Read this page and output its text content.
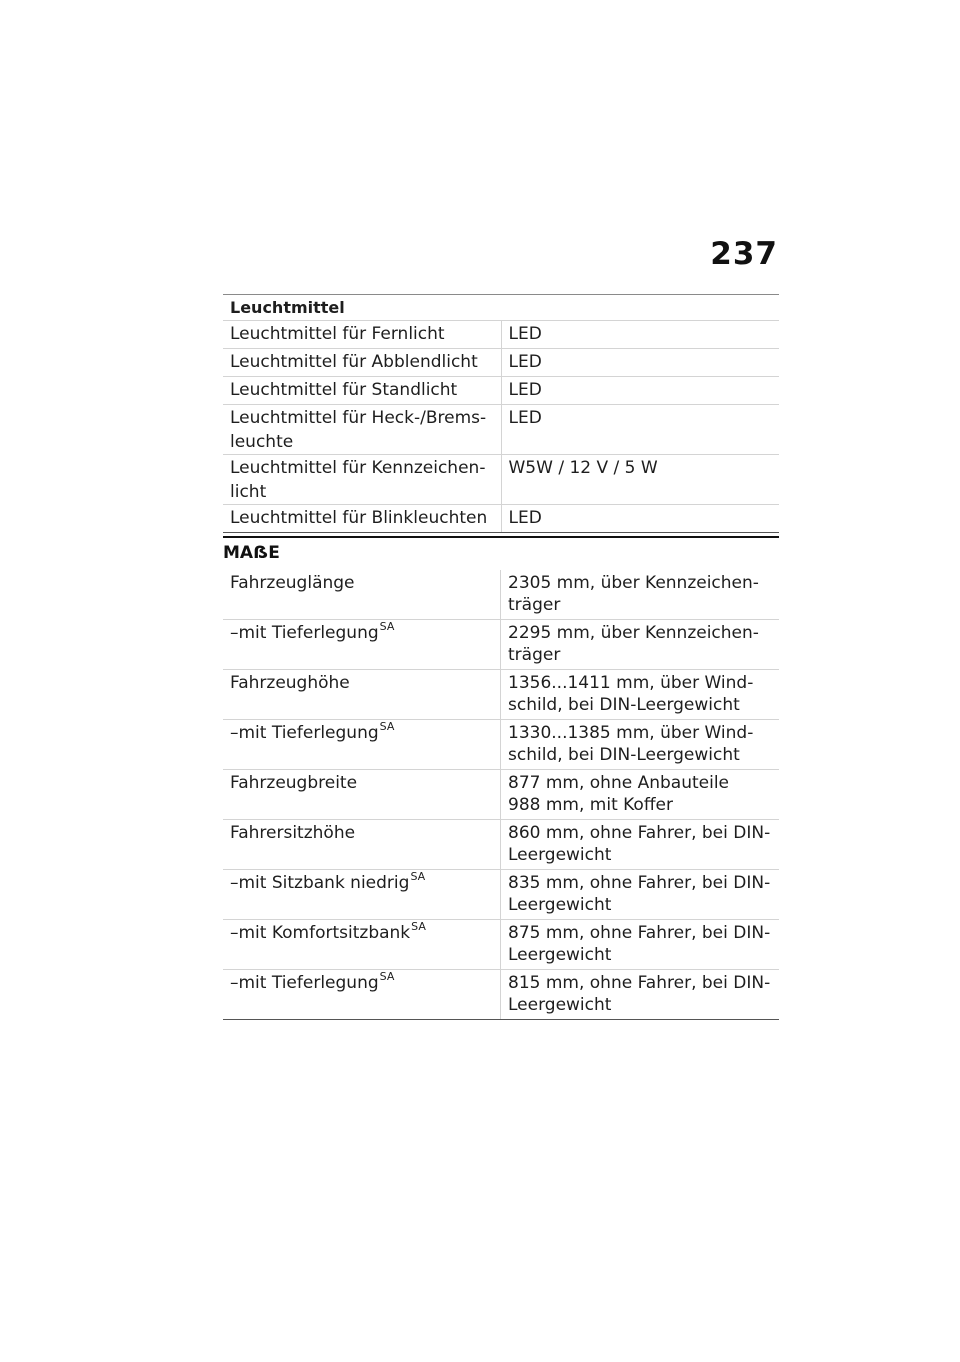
237
Leuchtmittel	
Leuchtmittel für Fernlicht	LED
Leuchtmittel für Abblendlicht	LED
Leuchtmittel für Standlicht	LED
Leuchtmittel für Heck-/Brems-leuchte	LED
Leuchtmittel für Kennzeichen-licht	W5W / 12 V / 5 W
Leuchtmittel für Blinkleuchten	LED
MAẞE
Fahrzeuglänge	2305 mm, über Kennzeichen-träger
–mit Tieferlegung$^{SA}$	2295 mm, über Kennzeichen-träger
Fahrzeughöhe	1356...1411 mm, über Wind-schild, bei DIN-Leergewicht
–mit Tieferlegung$^{SA}$	1330...1385 mm, über Wind-schild, bei DIN-Leergewicht
Fahrzeugbreite	877 mm, ohne Anbauteile
988 mm, mit Koffer

Fahrersitzhöhe	860 mm, ohne Fahrer, bei DIN-Leergewicht
–mit Sitzbank niedrig$^{SA}$	835 mm, ohne Fahrer, bei DIN-Leergewicht
–mit Komfortsitzbank$^{SA}$	875 mm, ohne Fahrer, bei DIN-Leergewicht
–mit Tieferlegung$^{SA}$	815 mm, ohne Fahrer, bei DIN-Leergewicht
